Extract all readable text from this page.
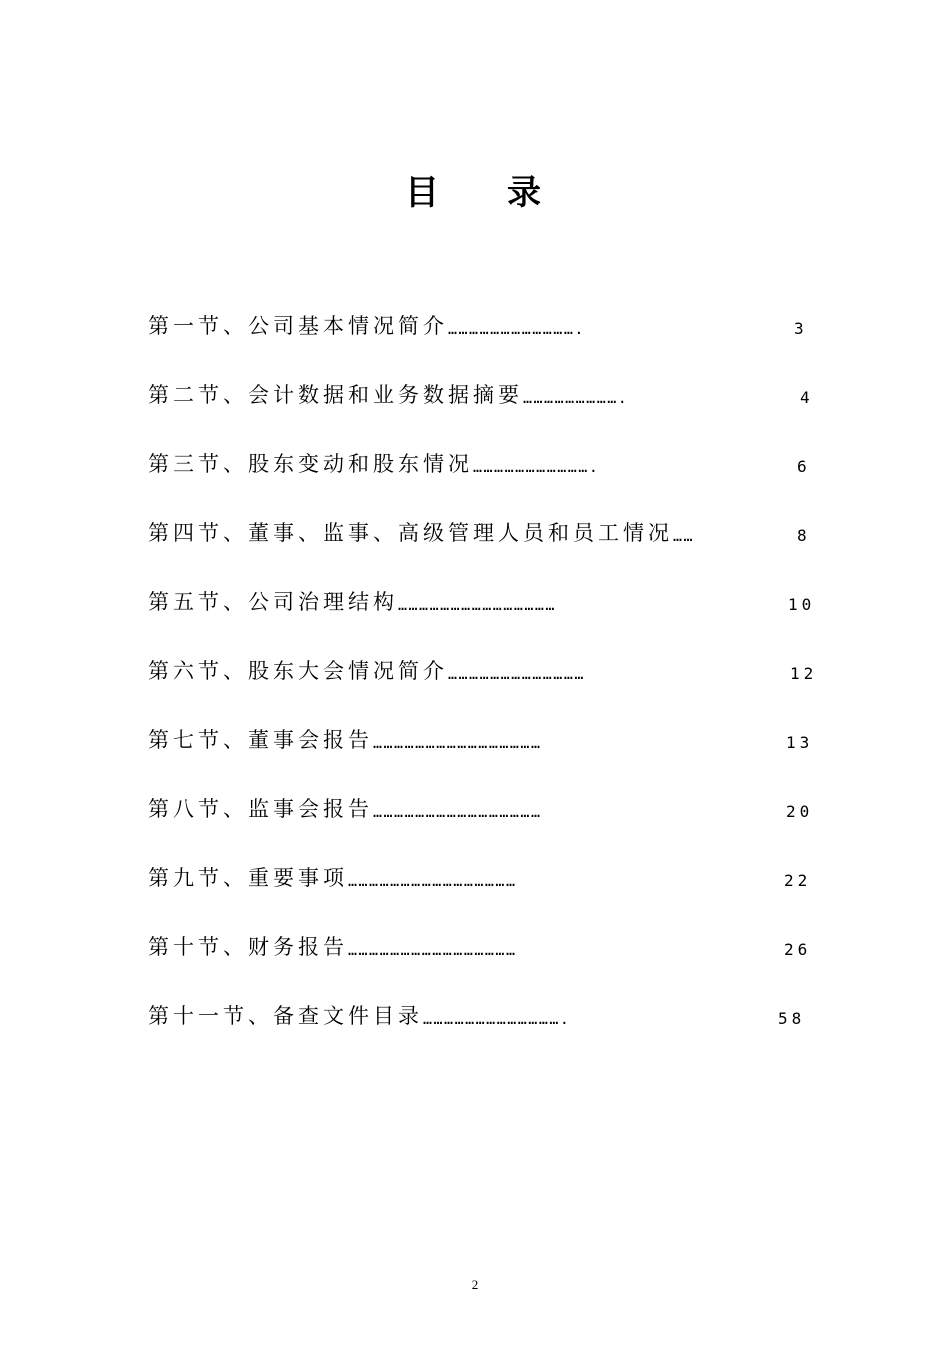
目 录
第一节、公司基本情况简介 ……………………………….	3
第二节、会计数据和业务数据摘要 ……………………….	4
第三节、股东变动和股东情况 …………………………….	6
第四节、董事、监事、高级管理人员和员工情况 ……	8
第五节、公司治理结构 ………………………………………	10
第六节、股东大会情况简介 …………………………………	12
第七节、董事会报告 …………………………………………	13
第八节、监事会报告 …………………………………………	20
第九节、重要事项 …………………………………………	22
第十节、财务报告 …………………………………………	26
第十一节、备查文件目录 ………………………………….	58
2
